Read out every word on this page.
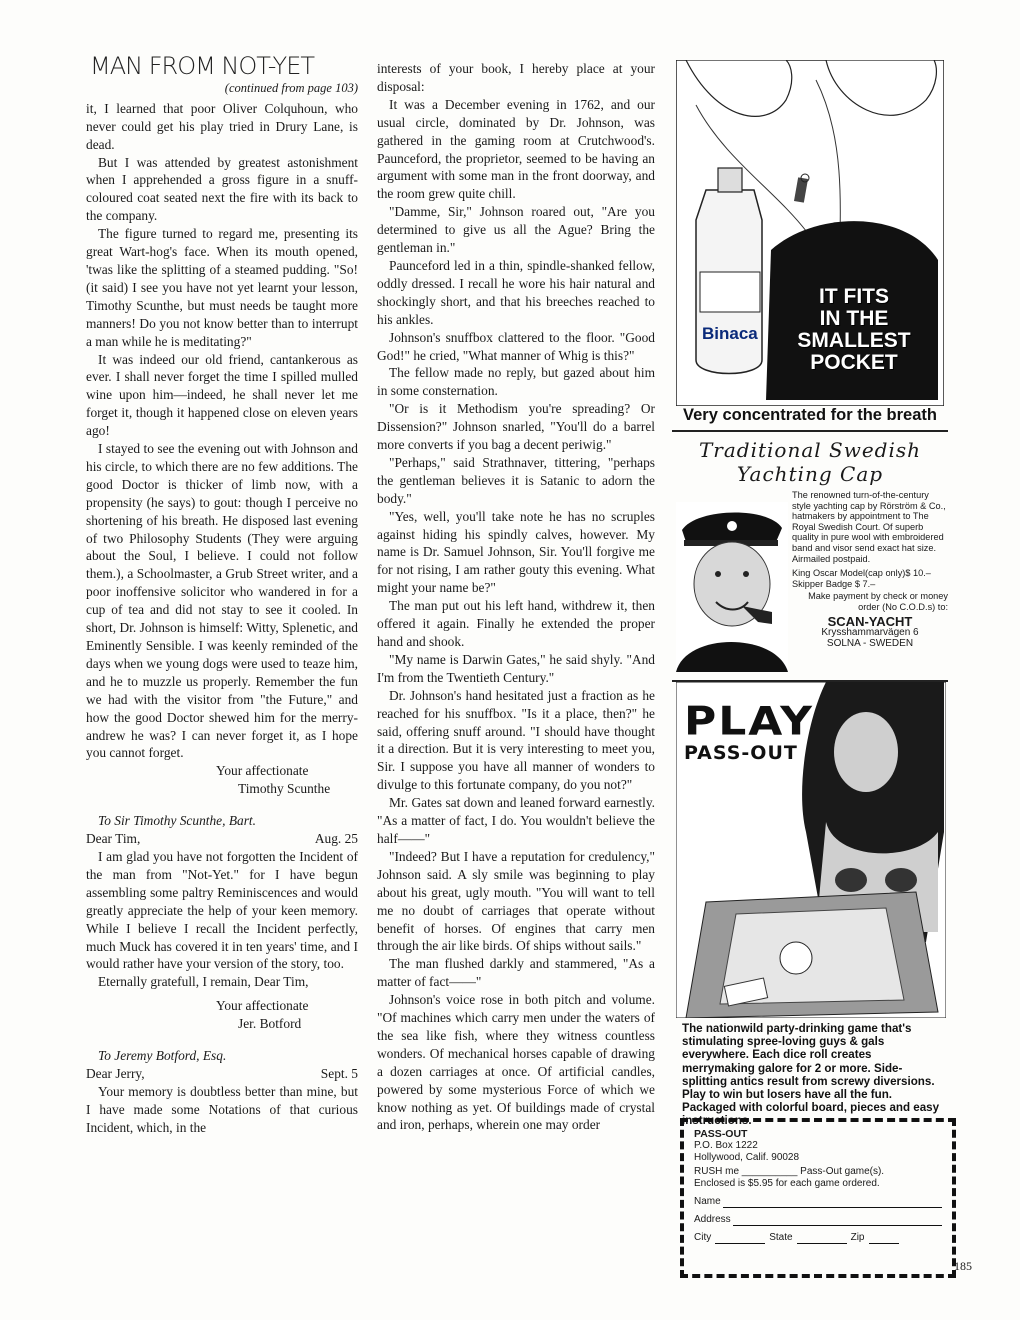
MAN FROM NOT-YET
(continued from page 103)

it, I learned that poor Oliver Colquhoun, who never could get his play tried in Drury Lane, is dead.

But I was attended by greatest astonishment when I apprehended a gross figure in a snuff-coloured coat seated next the fire with its back to the company.

The figure turned to regard me, presenting its great Wart-hog's face. When its mouth opened, 'twas like the splitting of a steamed pudding. "So! (it said) I see you have not yet learnt your lesson, Timothy Scunthe, but must needs be taught more manners! Do you not know better than to interrupt a man while he is meditating?"

It was indeed our old friend, cantankerous as ever. I shall never forget the time I spilled mulled wine upon him—indeed, he shall never let me forget it, though it happened close on eleven years ago!

I stayed to see the evening out with Johnson and his circle, to which there are no few additions. The good Doctor is thicker of limb now, with a propensity (he says) to gout: though I perceive no shortening of his breath. He disposed last evening of two Philosophy Students (They were arguing about the Soul, I believe. I could not follow them.), a Schoolmaster, a Grub Street writer, and a poor inoffensive solicitor who wandered in for a cup of tea and did not stay to see it cooled. In short, Dr. Johnson is himself: Witty, Splenetic, and Eminently Sensible. I was keenly reminded of the days when we young dogs were used to teaze him, and he to muzzle us properly. Remember the fun we had with the visitor from "the Future," and how the good Doctor shewed him for the merry-andrew he was? I can never forget it, as I hope you cannot forget.

Your affectionate

Timothy Scunthe

To Sir Timothy Scunthe, Bart.

Dear Tim,	Aug. 25

I am glad you have not forgotten the Incident of the man from "Not-Yet." for I have begun assembling some paltry Reminiscences and would greatly appreciate the help of your keen memory. While I believe I recall the Incident perfectly, much Muck has covered it in ten years' time, and I would rather have your version of the story, too.

Eternally gratefull, I remain, Dear Tim,

Your affectionate

Jer. Botford

To Jeremy Botford, Esq.

Dear Jerry,	Sept. 5

Your memory is doubtless better than mine, but I have made some Notations of that curious Incident, which, in the

interests of your book, I hereby place at your disposal:

It was a December evening in 1762, and our usual circle, dominated by Dr. Johnson, was gathered in the gaming room at Crutchwood's. Paunceford, the proprietor, seemed to be having an argument with some man in the front doorway, and the room grew quite chill.

"Damme, Sir," Johnson roared out, "Are you determined to give us all the Ague? Bring the gentleman in."

Paunceford led in a thin, spindle-shanked fellow, oddly dressed. I recall he wore his hair natural and shockingly short, and that his breeches reached to his ankles.

Johnson's snuffbox clattered to the floor. "Good God!" he cried, "What manner of Whig is this?"

The fellow made no reply, but gazed about him in some consternation.

"Or is it Methodism you're spreading? Or Dissension?" Johnson snarled, "You'll do a barrel more converts if you bag a decent periwig."

"Perhaps," said Strathnaver, tittering, "perhaps the gentleman believes it is Satanic to adorn the body."

"Yes, well, you'll take note he has no scruples against hiding his spindly calves, however. My name is Dr. Samuel Johnson, Sir. You'll forgive me for not rising, I am rather gouty this evening. What might your name be?"

The man put out his left hand, withdrew it, then offered it again. Finally he extended the proper hand and shook.

"My name is Darwin Gates," he said shyly. "And I'm from the Twentieth Century."

Dr. Johnson's hand hesitated just a fraction as he reached for his snuffbox. "Is it a place, then?" he said, offering snuff around. "I should have thought it a direction. But it is very interesting to meet you, Sir. I suppose you have all manner of wonders to divulge to this fortunate company, do you not?"

Mr. Gates sat down and leaned forward earnestly. "As a matter of fact, I do. You wouldn't believe the half——"

"Indeed? But I have a reputation for credulency," Johnson said. A sly smile was beginning to play about his great, ugly mouth. "You will want to tell me no doubt of carriages that operate without benefit of horses. Of engines that carry men through the air like birds. Of ships without sails."

The man flushed darkly and stammered, "As a matter of fact——"

Johnson's voice rose in both pitch and volume. "Of machines which carry men under the waters of the sea like fish, where they witness countless wonders. Of mechanical horses capable of drawing a dozen carriages at once. Of artificial candles, powered by some mysterious Force of which we know nothing as yet. Of buildings made of crystal and iron, perhaps, wherein one may order

Binaca
IT FITS
IN THE
SMALLEST
POCKET
Very concentrated for the breath
Traditional Swedish
Yachting Cap
The renowned turn-of-the-century style yachting cap by Rörström & Co., hatmakers by appointment to The Royal Swedish Court. Of superb quality in pure wool with embroidered band and visor send exact hat size. Airmailed postpaid.
King Oscar Model(cap only)$ 10.–
Skipper Badge $ 7.–
Make payment by check or money order (No C.O.D.s) to:
SCAN-YACHT
Krysshammarvägen 6
SOLNA - SWEDEN
PLAY
PASS-OUT
The nationwild party-drinking game that's stimulating spree-loving guys & gals everywhere. Each dice roll creates merrymaking galore for 2 or more. Side-splitting antics result from screwy diversions. Play to win but losers have all the fun. Packaged with colorful board, pieces and easy instructions.
PASS-OUT
P.O. Box 1222
Hollywood, Calif. 90028
RUSH me __________ Pass-Out game(s).
Enclosed is $5.95 for each game ordered.
Name
Address
City	State	Zip
185
